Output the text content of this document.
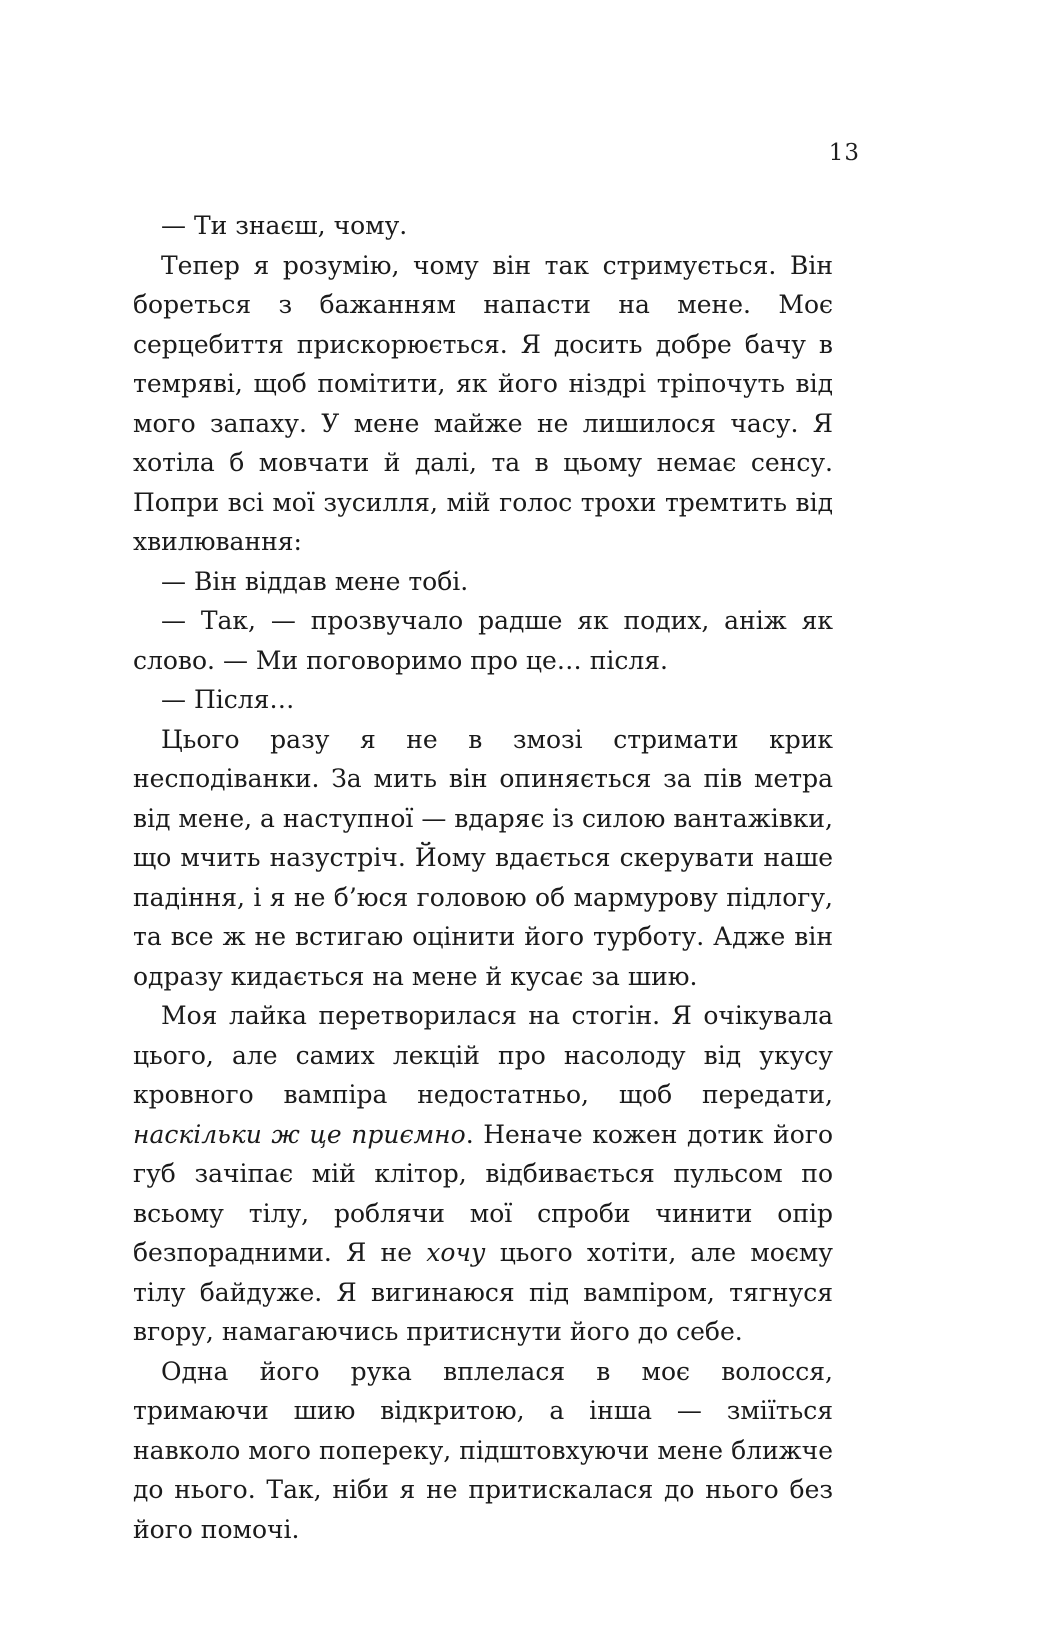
13

— Ти знаєш, чому.

Тепер я розумію, чому він так стримується. Він бореться з бажанням напасти на мене. Моє серцебиття прискорюється. Я досить добре бачу в темряві, щоб помітити, як його ніздрі тріпочуть від мого запаху. У мене майже не лишилося часу. Я хотіла б мовчати й далі, та в цьому немає сенсу. Попри всі мої зусилля, мій голос трохи тремтить від хвилювання:

— Він віддав мене тобі.

— Так, — прозвучало радше як подих, аніж як слово. — Ми поговоримо про це… після.

— Після…

Цього разу я не в змозі стримати крик несподіванки. За мить він опиняється за пів метра від мене, а наступної — вдаряє із силою вантажівки, що мчить назустріч. Йому вдається скерувати наше падіння, і я не б’юся головою об мармурову підлогу, та все ж не встигаю оцінити його турботу. Адже він одразу кидається на мене й кусає за шию.

Моя лайка перетворилася на стогін. Я очікувала цього, але самих лекцій про насолоду від укусу кровного вампіра недостатньо, щоб передати, наскільки ж це приємно. Неначе кожен дотик його губ зачіпає мій клітор, відбивається пульсом по всьому тілу, роблячи мої спроби чинити опір безпорадними. Я не хочу цього хотіти, але моєму тілу байдуже. Я вигинаюся під вампіром, тягнуся вгору, намагаючись притиснути його до себе.

Одна його рука вплелася в моє волосся, тримаючи шию відкритою, а інша — зміїться навколо мого попереку, підштовхуючи мене ближче до нього. Так, ніби я не притискалася до нього без його помочі.
